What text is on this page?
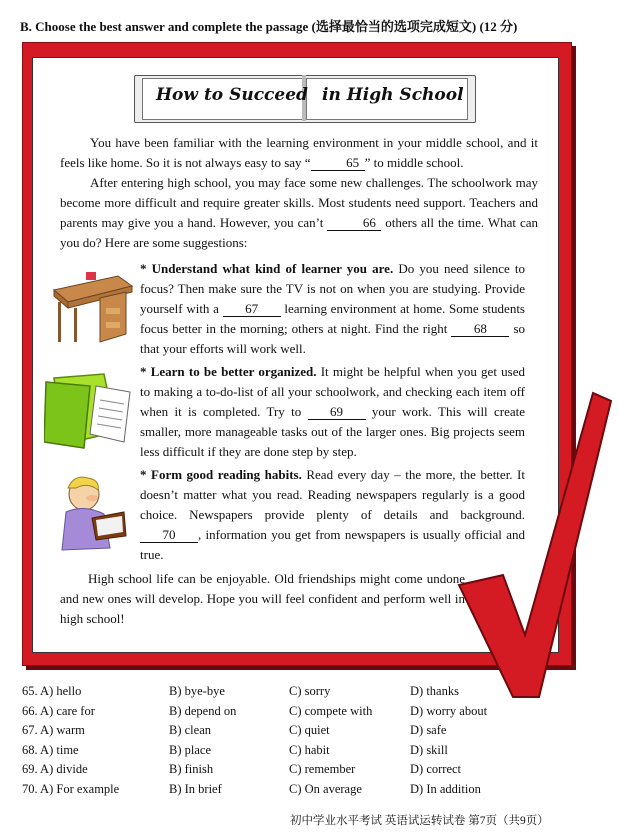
B. Choose the best answer and complete the passage (选择最恰当的选项完成短文) (12 分)
How to Succeed in High School
You have been familiar with the learning environment in your middle school, and it feels like home. So it is not always easy to say “	65 ” to middle school.
After entering high school, you may face some new challenges. The schoolwork may become more difficult and require greater skills. Most students need support. Teachers and parents may give you a hand. However, you can’t	66 others all the time. What can you do? Here are some suggestions:
* Understand what kind of learner you are. Do you need silence to focus? Then make sure the TV is not on when you are studying. Provide yourself with a 67 learning environment at home. Some students focus better in the morning; others at night. Find the right 68 so that your efforts will work well.
* Learn to be better organized. It might be helpful when you get used to making a to-do-list of all your schoolwork, and checking each item off when it is completed. Try to 69 your work. This will create smaller, more manageable tasks out of the larger ones. Big projects seem less difficult if they are done step by step.
* Form good reading habits. Read every day – the more, the better. It doesn’t matter what you read. Reading newspapers regularly is a good choice. Newspapers provide plenty of details and background. 70 , information you get from newspapers is usually official and true.
High school life can be enjoyable. Old friendships might come undone and new ones will develop. Hope you will feel confident and perform well in high school!
65. A) hello	B) bye-bye	C) sorry	D) thanks
66. A) care for	B) depend on	C) compete with	D) worry about
67. A) warm	B) clean	C) quiet	D) safe
68. A) time	B) place	C) habit	D) skill
69. A) divide	B) finish	C) remember	D) correct
70. A) For example	B) In brief	C) On average	D) In addition
初中学业水平考试 英语试运转试卷 第7页（共9页）
